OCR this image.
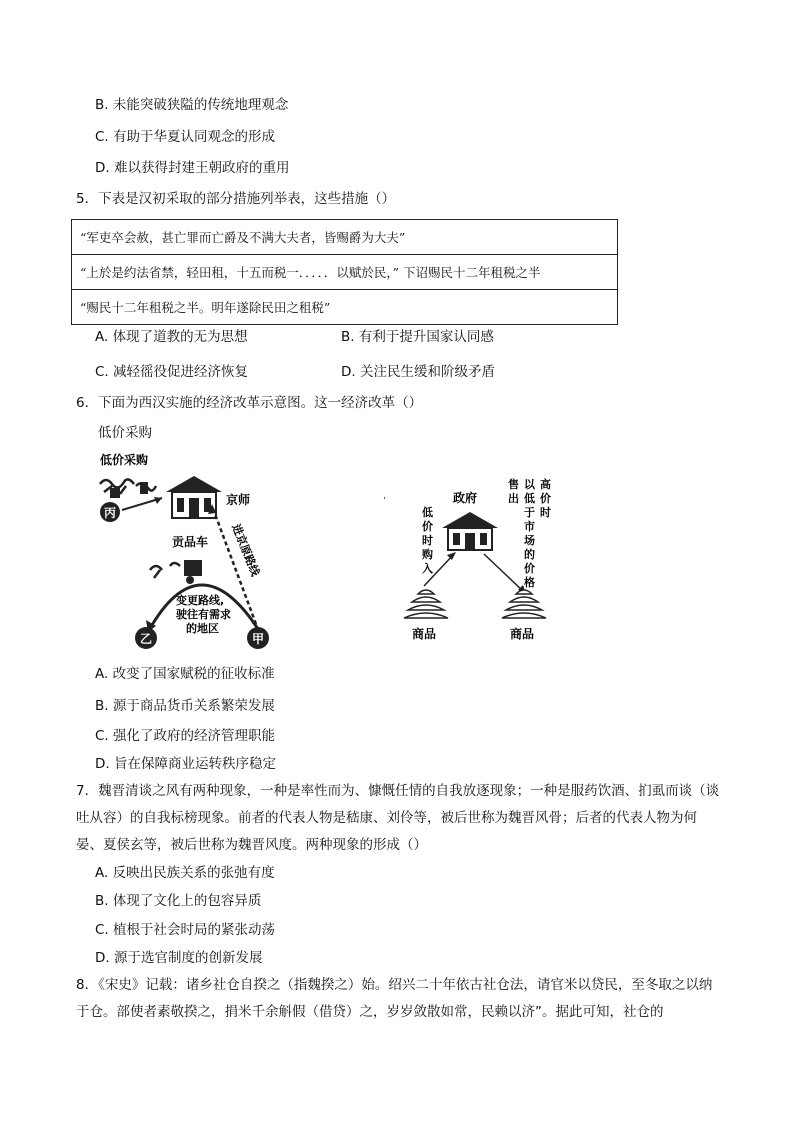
B. 未能突破狭隘的传统地理观念
C. 有助于华夏认同观念的形成
D. 难以获得封建王朝政府的重用
5．下表是汉初采取的部分措施列举表，这些措施（）
“军吏卒会赦，甚亡罪而亡爵及不满大夫者，皆赐爵为大夫”
“上於是约法省禁，轻田租，十五而税一．．．．．以赋於民，” 下诏赐民十二年租税之半
“赐民十二年租税之半。明年遂除民田之租税”
A. 体现了道教的无为思想	B. 有利于提升国家认同感
C. 减轻徭役促进经济恢复	D. 关注民生缓和阶级矛盾
6．下面为西汉实施的经济改革示意图。这一经济改革（）
低价采购
低价采购
丙
京师
贡品车 进京原路线
变更路线,
驶往有需求
的地区
乙	甲
政府
低
价
时
购
入
售
出
以
低
于
市
场
的
价
格
高
价
时
商品	商品
A. 改变了国家赋税的征收标准
B. 源于商品货币关系繁荣发展
C. 强化了政府的经济管理职能
D. 旨在保障商业运转秩序稳定
7．魏晋清谈之风有两种现象，一种是率性而为、慷慨任情的自我放逐现象；一种是服药饮酒、扪虱而谈（谈吐从容）的自我标榜现象。前者的代表人物是嵇康、刘伶等，被后世称为魏晋风骨；后者的代表人物为何晏、夏侯玄等，被后世称为魏晋风度。两种现象的形成（）
A. 反映出民族关系的张弛有度
B. 体现了文化上的包容异质
C. 植根于社会时局的紧张动荡
D. 源于选官制度的创新发展
8．《宋史》记载：诸乡社仓自揆之（指魏揆之）始。绍兴二十年依古社仓法，请官米以贷民，至冬取之以纳于仓。部使者素敬揆之，捐米千余斛假（借贷）之，岁岁敛散如常，民赖以济”。据此可知，社仓的
